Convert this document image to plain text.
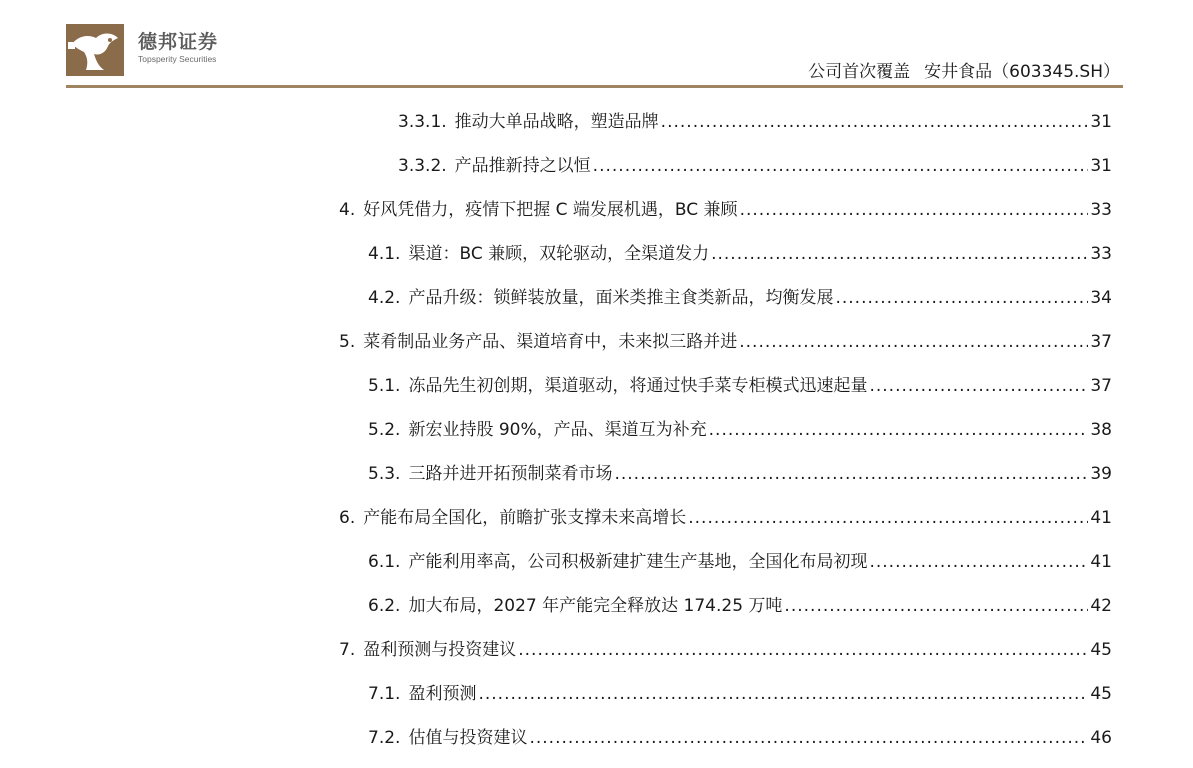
德邦证券
Topsperity Securities
公司首次覆盖 安井食品（603345.SH）
3.3.1. 推动大单品战略，塑造品牌 .....	31
3.3.2. 产品推新持之以恒 .....	31
4. 好风凭借力，疫情下把握 C 端发展机遇，BC 兼顾 .....	33
4.1. 渠道：BC 兼顾，双轮驱动，全渠道发力 .....	33
4.2. 产品升级：锁鲜装放量，面米类推主食类新品，均衡发展 .....	34
5. 菜肴制品业务产品、渠道培育中，未来拟三路并进 .....	37
5.1. 冻品先生初创期，渠道驱动，将通过快手菜专柜模式迅速起量 .....	37
5.2. 新宏业持股 90%，产品、渠道互为补充 .....	38
5.3. 三路并进开拓预制菜肴市场 .....	39
6. 产能布局全国化，前瞻扩张支撑未来高增长 .....	41
6.1. 产能利用率高，公司积极新建扩建生产基地，全国化布局初现 .....	41
6.2. 加大布局，2027 年产能完全释放达 174.25 万吨 .....	42
7. 盈利预测与投资建议 .....	45
7.1. 盈利预测 .....	45
7.2. 估值与投资建议 .....	46
